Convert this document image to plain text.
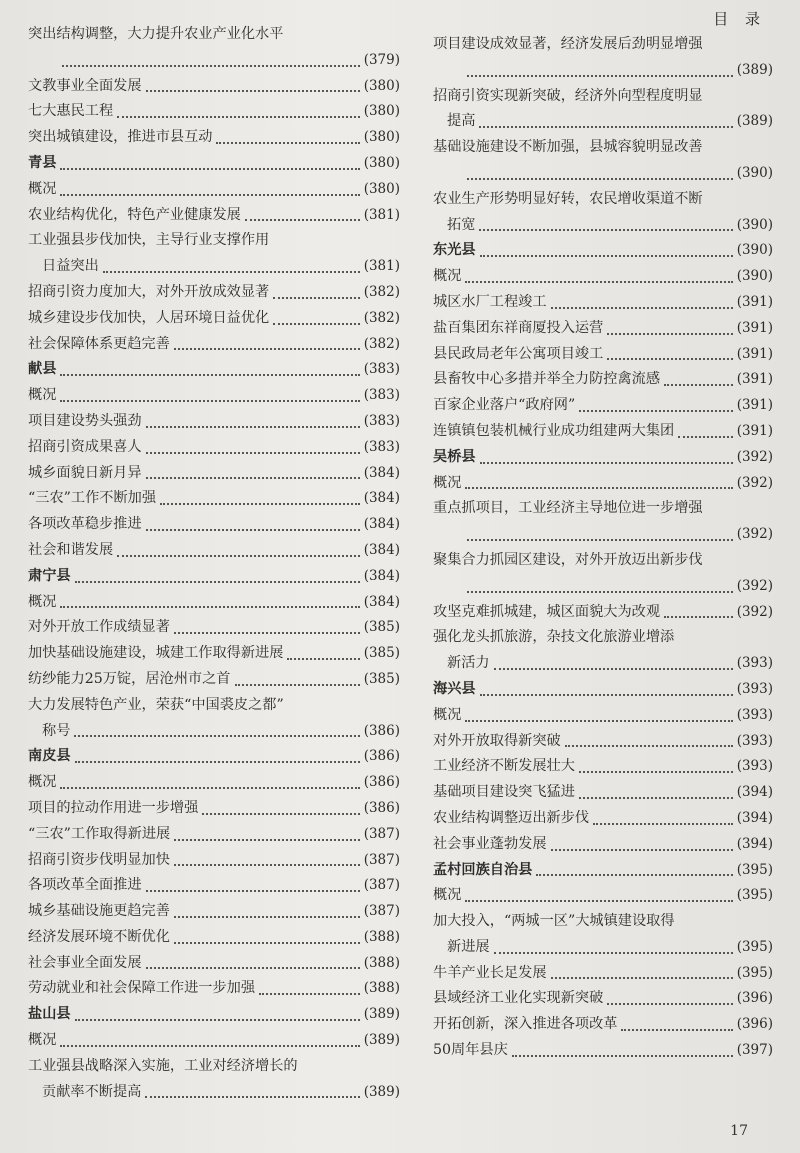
目 录
突出结构调整，大力提升农业产业化水平
(379)
文教事业全面发展	(380)
七大惠民工程	(380)
突出城镇建设，推进市县互动	(380)
青县	(380)
概况	(380)
农业结构优化，特色产业健康发展	(381)
工业强县步伐加快，主导行业支撑作用
日益突出	(381)
招商引资力度加大，对外开放成效显著	(382)
城乡建设步伐加快，人居环境日益优化	(382)
社会保障体系更趋完善	(382)
献县	(383)
概况	(383)
项目建设势头强劲	(383)
招商引资成果喜人	(383)
城乡面貌日新月异	(384)
“三农”工作不断加强	(384)
各项改革稳步推进	(384)
社会和谐发展	(384)
肃宁县	(384)
概况	(384)
对外开放工作成绩显著	(385)
加快基础设施建设，城建工作取得新进展	(385)
纺纱能力25万锭，居沧州市之首	(385)
大力发展特色产业，荣获“中国裘皮之都”
称号	(386)
南皮县	(386)
概况	(386)
项目的拉动作用进一步增强	(386)
“三农”工作取得新进展	(387)
招商引资步伐明显加快	(387)
各项改革全面推进	(387)
城乡基础设施更趋完善	(387)
经济发展环境不断优化	(388)
社会事业全面发展	(388)
劳动就业和社会保障工作进一步加强	(388)
盐山县	(389)
概况	(389)
工业强县战略深入实施，工业对经济增长的
贡献率不断提高	(389)
项目建设成效显著，经济发展后劲明显增强
(389)
招商引资实现新突破，经济外向型程度明显
提高	(389)
基础设施建设不断加强，县城容貌明显改善
(390)
农业生产形势明显好转，农民增收渠道不断
拓宽	(390)
东光县	(390)
概况	(390)
城区水厂工程竣工	(391)
盐百集团东祥商厦投入运营	(391)
县民政局老年公寓项目竣工	(391)
县畜牧中心多措并举全力防控禽流感	(391)
百家企业落户“政府网”	(391)
连镇镇包装机械行业成功组建两大集团	(391)
吴桥县	(392)
概况	(392)
重点抓项目，工业经济主导地位进一步增强
(392)
聚集合力抓园区建设，对外开放迈出新步伐
(392)
攻坚克难抓城建，城区面貌大为改观	(392)
强化龙头抓旅游，杂技文化旅游业增添
新活力	(393)
海兴县	(393)
概况	(393)
对外开放取得新突破	(393)
工业经济不断发展壮大	(393)
基础项目建设突飞猛进	(394)
农业结构调整迈出新步伐	(394)
社会事业蓬勃发展	(394)
孟村回族自治县	(395)
概况	(395)
加大投入，“两城一区”大城镇建设取得
新进展	(395)
牛羊产业长足发展	(395)
县域经济工业化实现新突破	(396)
开拓创新，深入推进各项改革	(396)
50周年县庆	(397)
17
